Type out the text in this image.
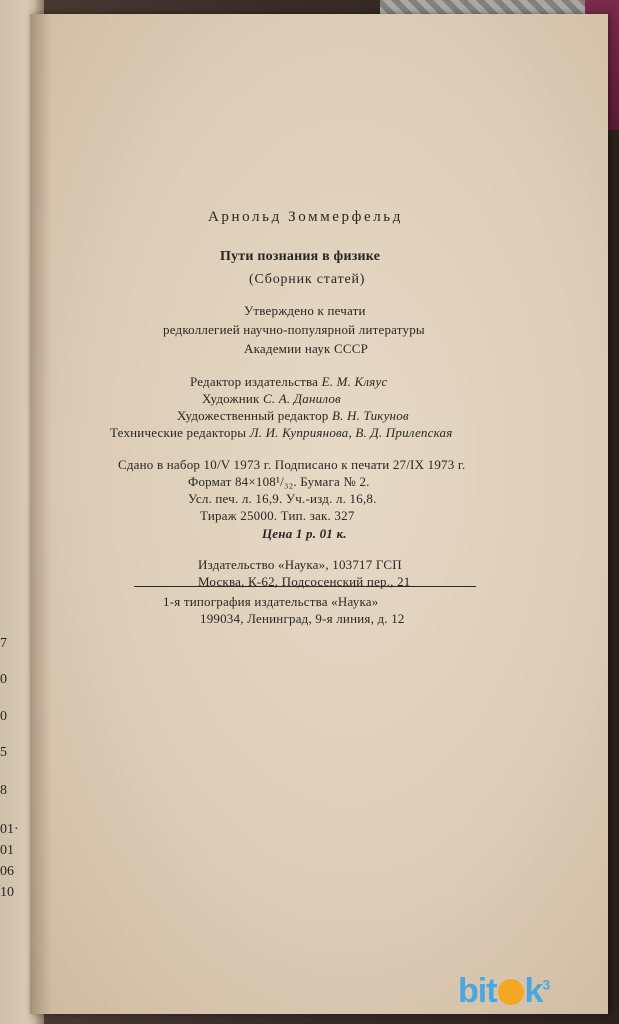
7
0
0
5
8
01·
01
06
10
Арнольд Зоммерфельд
Пути познания в физике
(Сборник статей)
Утверждено к печати
редколлегией научно-популярной литературы
Академии наук СССР
Редактор издательства Е. М. Кляус
Художник С. А. Данилов
Художественный редактор В. Н. Тикунов
Технические редакторы Л. И. Куприянова, В. Д. Прилепская
Сдано в набор 10/V 1973 г. Подписано к печати 27/IX 1973 г.
Формат 84×108¹/₃₂. Бумага № 2.
Усл. печ. л. 16,9. Уч.-изд. л. 16,8.
Тираж 25000. Тип. зак. 327
Цена 1 р. 01 к.
Издательство «Наука», 103717 ГСП
Москва, К-62, Подсосенский пер., 21
1-я типография издательства «Наука»
199034, Ленинград, 9-я линия, д. 12
bit $k^3$
